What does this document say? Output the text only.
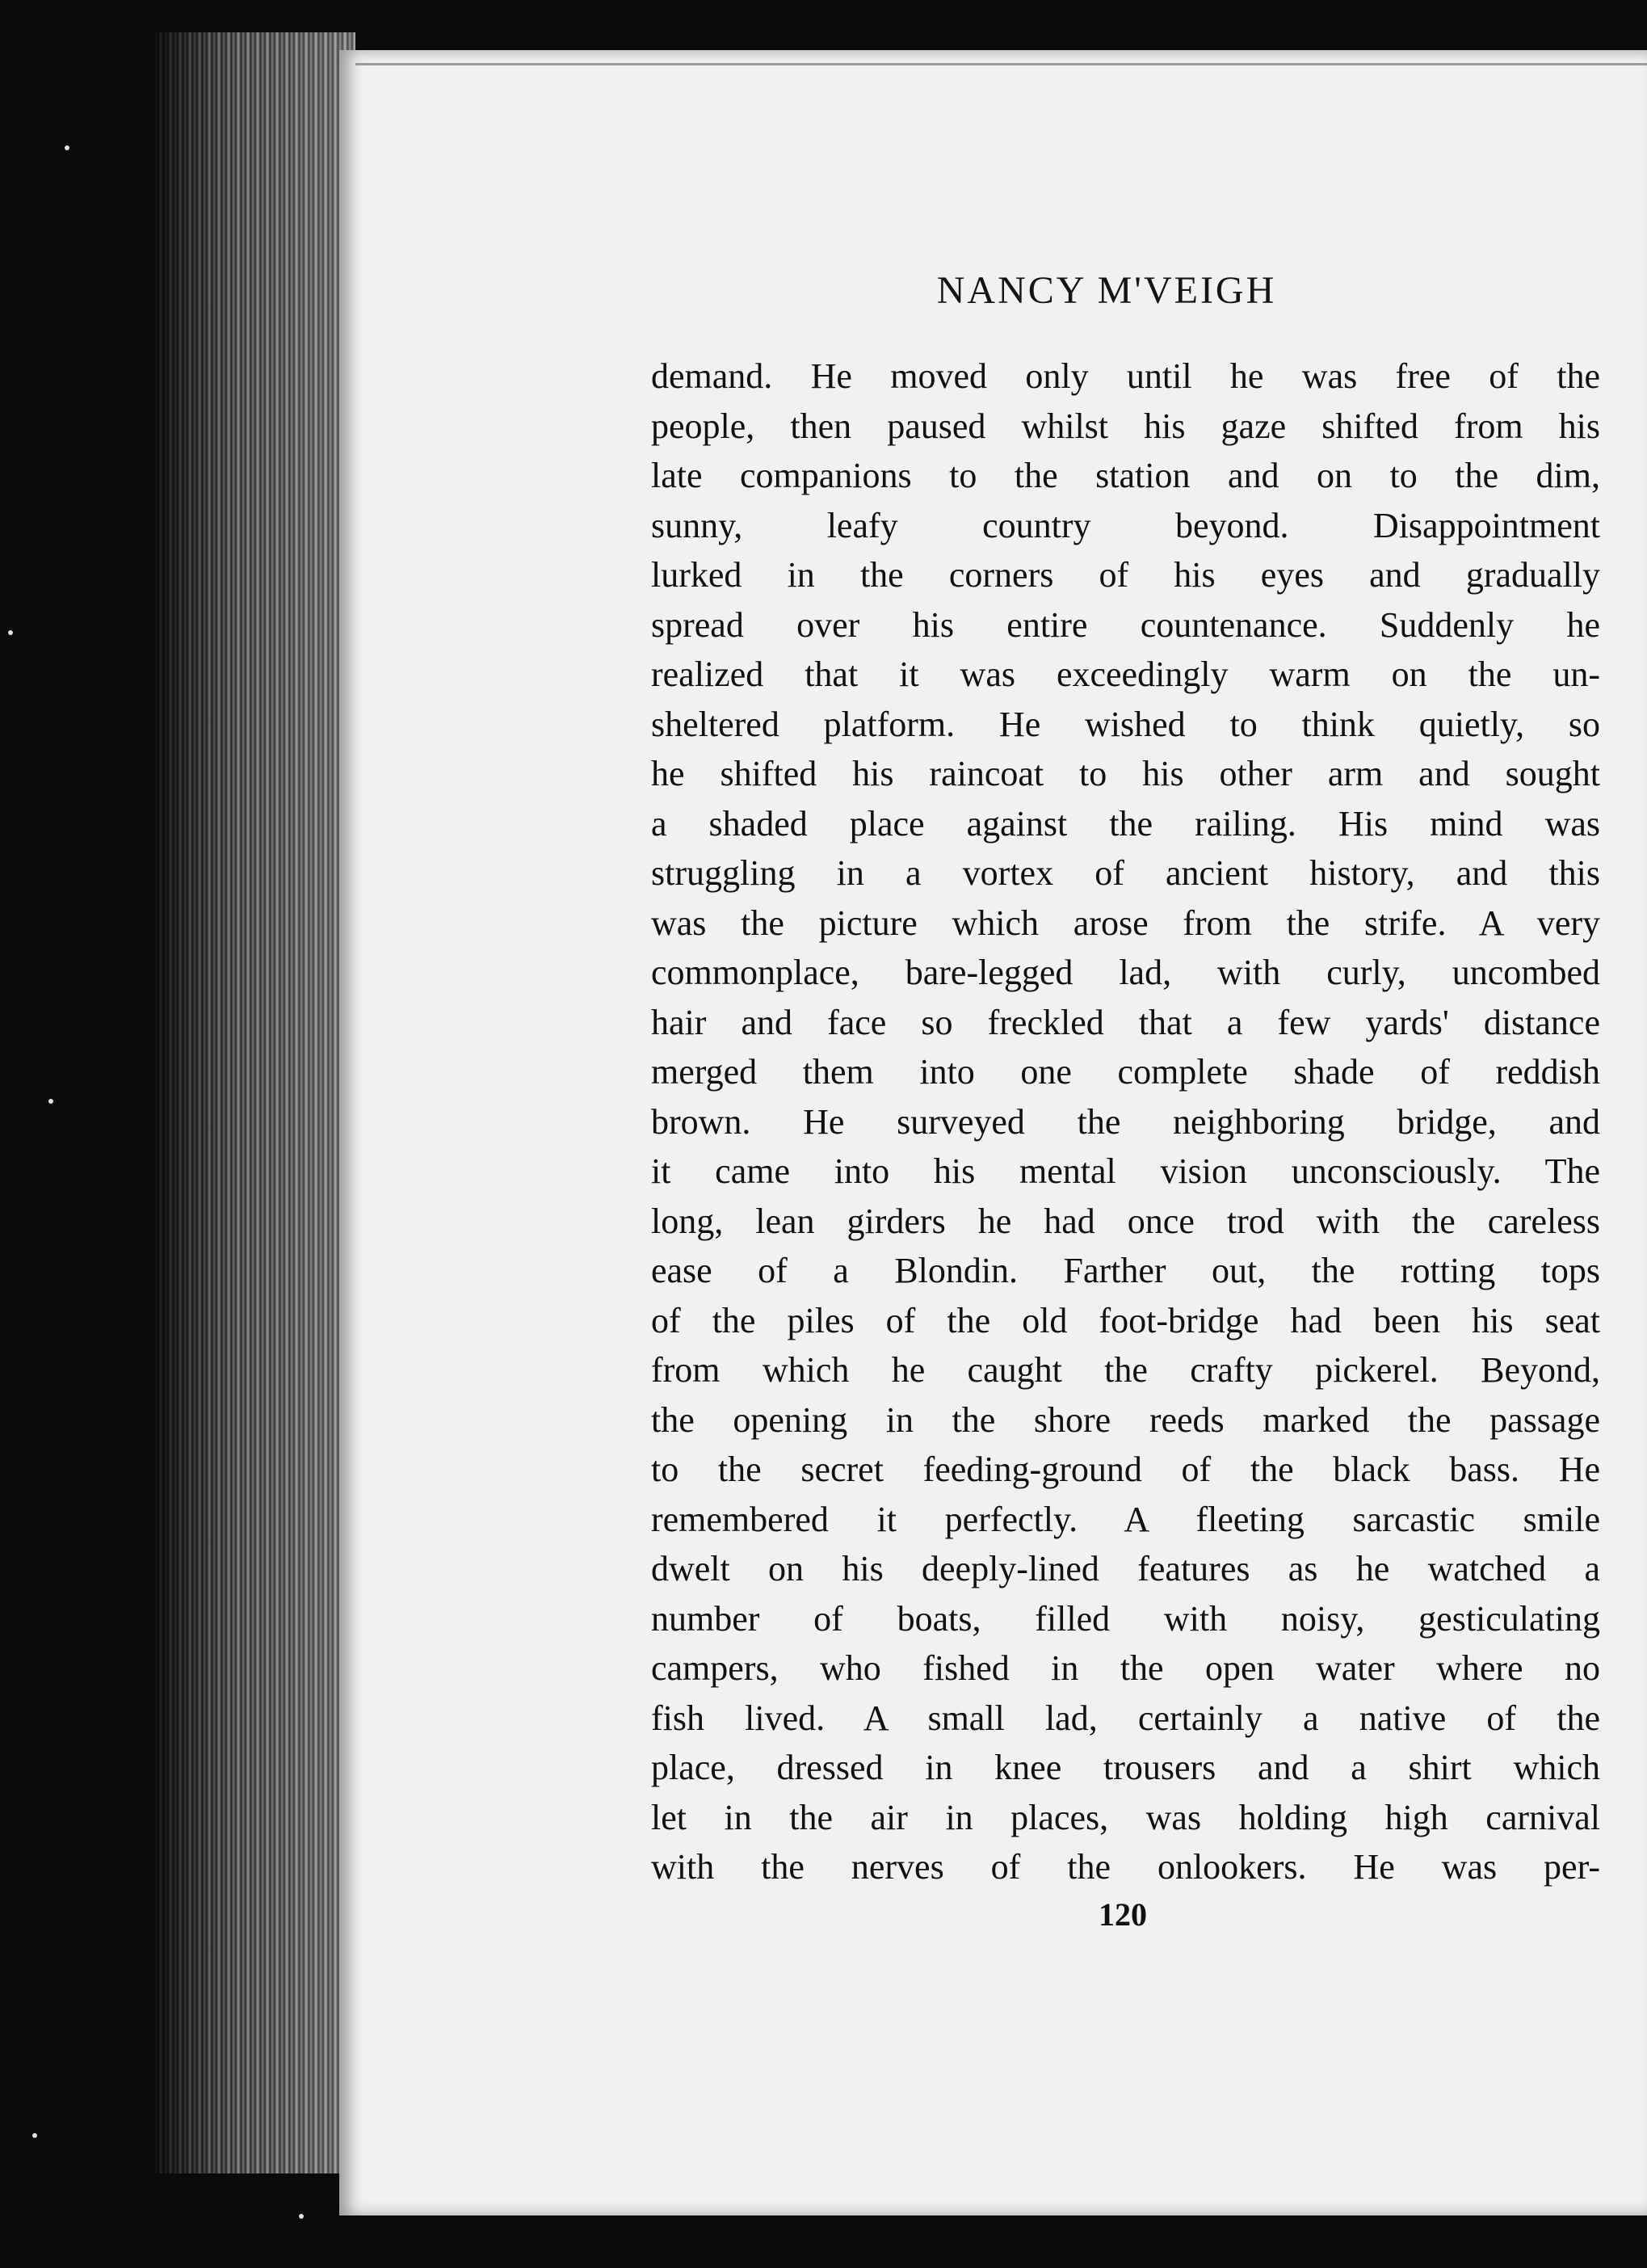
NANCY M'VEIGH
demand. He moved only until he was free of the
people, then paused whilst his gaze shifted from his
late companions to the station and on to the dim,
sunny, leafy country beyond. Disappointment
lurked in the corners of his eyes and gradually
spread over his entire countenance. Suddenly he
realized that it was exceedingly warm on the un-
sheltered platform. He wished to think quietly, so
he shifted his raincoat to his other arm and sought
a shaded place against the railing. His mind was
struggling in a vortex of ancient history, and this
was the picture which arose from the strife. A very
commonplace, bare-legged lad, with curly, uncombed
hair and face so freckled that a few yards' distance
merged them into one complete shade of reddish
brown. He surveyed the neighboring bridge, and
it came into his mental vision unconsciously. The
long, lean girders he had once trod with the careless
ease of a Blondin. Farther out, the rotting tops
of the piles of the old foot-bridge had been his seat
from which he caught the crafty pickerel. Beyond,
the opening in the shore reeds marked the passage
to the secret feeding-ground of the black bass. He
remembered it perfectly. A fleeting sarcastic smile
dwelt on his deeply-lined features as he watched a
number of boats, filled with noisy, gesticulating
campers, who fished in the open water where no
fish lived. A small lad, certainly a native of the
place, dressed in knee trousers and a shirt which
let in the air in places, was holding high carnival
with the nerves of the onlookers. He was per-
120
